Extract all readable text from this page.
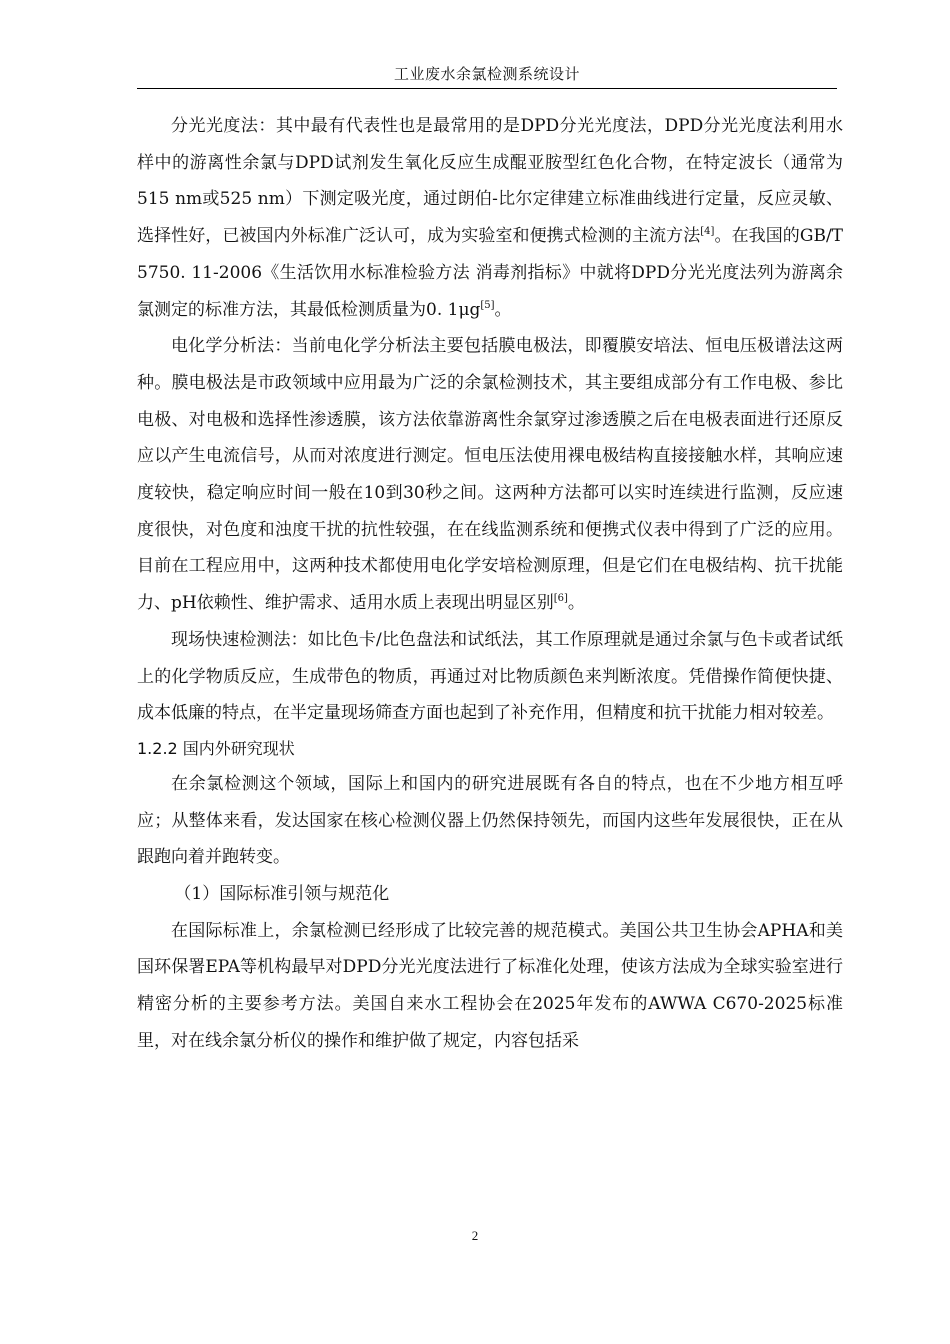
工业废水余氯检测系统设计

分光光度法：其中最有代表性也是最常用的是DPD分光光度法，DPD分光光度法利用水样中的游离性余氯与DPD试剂发生氧化反应生成醌亚胺型红色化合物，在特定波长（通常为515 nm或525 nm）下测定吸光度，通过朗伯-比尔定律建立标准曲线进行定量，反应灵敏、选择性好，已被国内外标准广泛认可，成为实验室和便携式检测的主流方法[4]。在我国的GB/T 5750. 11-2006《生活饮用水标准检验方法 消毒剂指标》中就将DPD分光光度法列为游离余氯测定的标准方法，其最低检测质量为0. 1μg[5]。

电化学分析法：当前电化学分析法主要包括膜电极法，即覆膜安培法、恒电压极谱法这两种。膜电极法是市政领域中应用最为广泛的余氯检测技术，其主要组成部分有工作电极、参比电极、对电极和选择性渗透膜，该方法依靠游离性余氯穿过渗透膜之后在电极表面进行还原反应以产生电流信号，从而对浓度进行测定。恒电压法使用裸电极结构直接接触水样，其响应速度较快，稳定响应时间一般在10到30秒之间。这两种方法都可以实时连续进行监测，反应速度很快，对色度和浊度干扰的抗性较强，在在线监测系统和便携式仪表中得到了广泛的应用。目前在工程应用中，这两种技术都使用电化学安培检测原理，但是它们在电极结构、抗干扰能力、pH依赖性、维护需求、适用水质上表现出明显区别[6]。

现场快速检测法：如比色卡/比色盘法和试纸法，其工作原理就是通过余氯与色卡或者试纸上的化学物质反应，生成带色的物质，再通过对比物质颜色来判断浓度。凭借操作简便快捷、成本低廉的特点，在半定量现场筛查方面也起到了补充作用，但精度和抗干扰能力相对较差。

1.2.2 国内外研究现状

在余氯检测这个领域，国际上和国内的研究进展既有各自的特点，也在不少地方相互呼应；从整体来看，发达国家在核心检测仪器上仍然保持领先，而国内这些年发展很快，正在从跟跑向着并跑转变。

（1）国际标准引领与规范化

在国际标准上，余氯检测已经形成了比较完善的规范模式。美国公共卫生协会APHA和美国环保署EPA等机构最早对DPD分光光度法进行了标准化处理，使该方法成为全球实验室进行精密分析的主要参考方法。美国自来水工程协会在2025年发布的AWWA C670-2025标准里，对在线余氯分析仪的操作和维护做了规定，内容包括采

2
